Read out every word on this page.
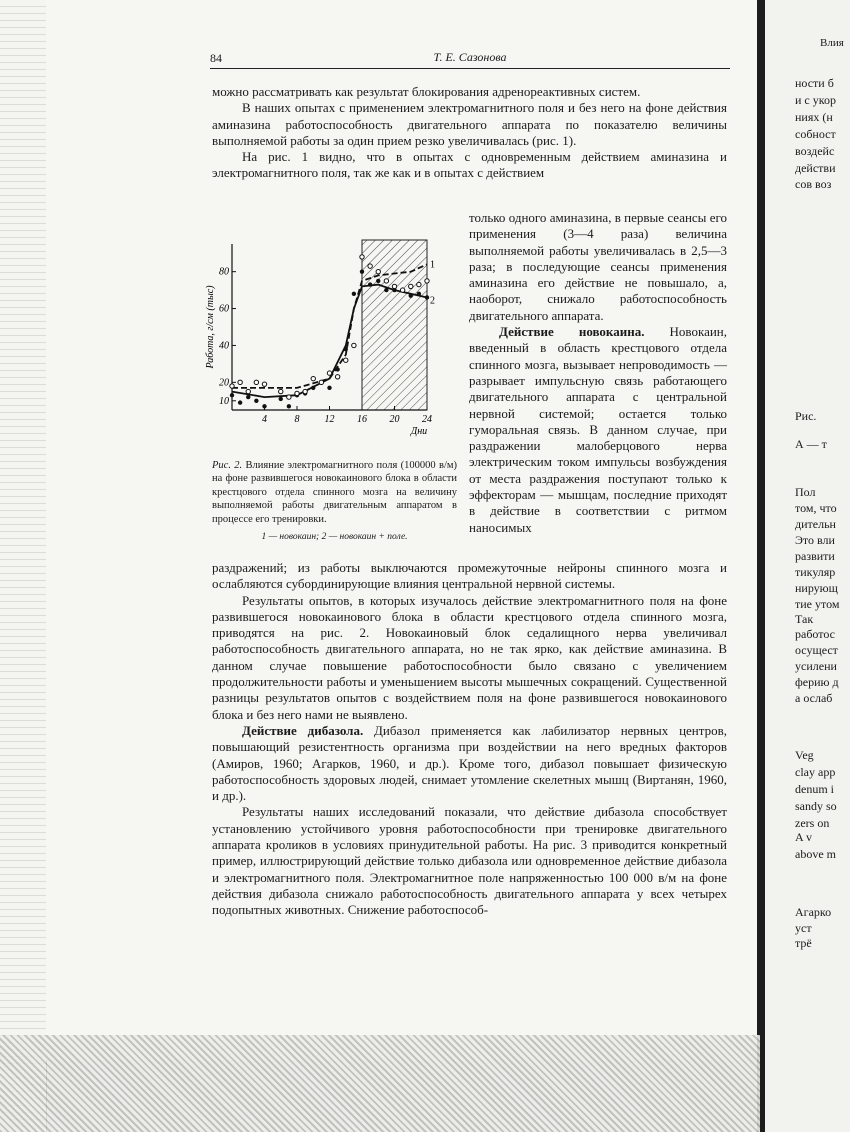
84	Т. Е. Сазонова

можно рассматривать как результат блокирования адренореактивных систем.

В наших опытах с применением электромагнитного поля и без него на фоне действия аминазина работоспособность двигательного аппарата по показателю величины выполняемой работы за один прием резко увеличивалась (рис. 1).

На рис. 1 видно, что в опытах с одновременным действием аминазина и электромагнитного поля, так же как и в опытах с действием

только одного аминазина, в первые сеансы его применения (3—4 раза) величина выполняемой работы увеличивалась в 2,5—3 раза; в последующие сеансы применения аминазина его действие не повышало, а, наоборот, снижало работоспособность двигательного аппарата.

Действие новокаина. Новокаин, введенный в область крестцового отдела спинного мозга, вызывает непроводимость — разрывает импульсную связь работающего двигательного аппарата с центральной нервной системой; остается только гуморальная связь. В данном случае, при раздражении малоберцового нерва электрическим током импульсы возбуждения от места раздражения поступают только к эффекторам — мышцам, последние приходят в действие в соответствии с ритмом наносимых

4	8	12 16 20 24
10
20
40
60
80
Дни
Работа, г/см (тыс)
1
2
Рис. 2. Влияние электромагнитного поля (100000 в/м) на фоне развившегося новокаинового блока в области крестцового отдела спинного мозга на величину выполняемой работы двигательным аппаратом в процессе его тренировки.
1 — новокаин; 2 — новокаин + поле.

раздражений; из работы выключаются промежуточные нейроны спинного мозга и ослабляются субординирующие влияния центральной нервной системы.

Результаты опытов, в которых изучалось действие электромагнитного поля на фоне развившегося новокаинового блока в области крестцового отдела спинного мозга, приводятся на рис. 2. Новокаиновый блок седалищного нерва увеличивал работоспособность двигательного аппарата, но не так ярко, как действие аминазина. В данном случае повышение работоспособности было связано с увеличением продолжительности работы и уменьшением высоты мышечных сокращений. Существенной разницы результатов опытов с воздействием поля на фоне развившегося новокаинового блока и без него нами не выявлено.

Действие дибазола. Дибазол применяется как лабилизатор нервных центров, повышающий резистентность организма при воздействии на него вредных факторов (Амиров, 1960; Агарков, 1960, и др.). Кроме того, дибазол повышает физическую работоспособность здоровых людей, снимает утомление скелетных мышц (Виртанян, 1960, и др.).

Результаты наших исследований показали, что действие дибазола способствует установлению устойчивого уровня работоспособности при тренировке двигательного аппарата кроликов в условиях принудительной работы. На рис. 3 приводится конкретный пример, иллюстрирующий действие только дибазола или одновременное действие дибазола и электромагнитного поля. Электромагнитное поле напряженностью 100 000 в/м на фоне действия дибазола снижало работоспособность двигательного аппарата у всех четырех подопытных животных. Снижение работоспособ-

Влия
ности б
и с укор
ниях (н
собност
воздейс
действи
сов воз
Рис.
А — т
Пол
том, что
дительн
Это вли
развити
тикуляр
нирующ
тие утом
Так
работос
осущест
усилени
ферию д
а ослаб
Veg
clay app
denum i
sandy so
zers on
A v
above m
Агарко
уст
трё
